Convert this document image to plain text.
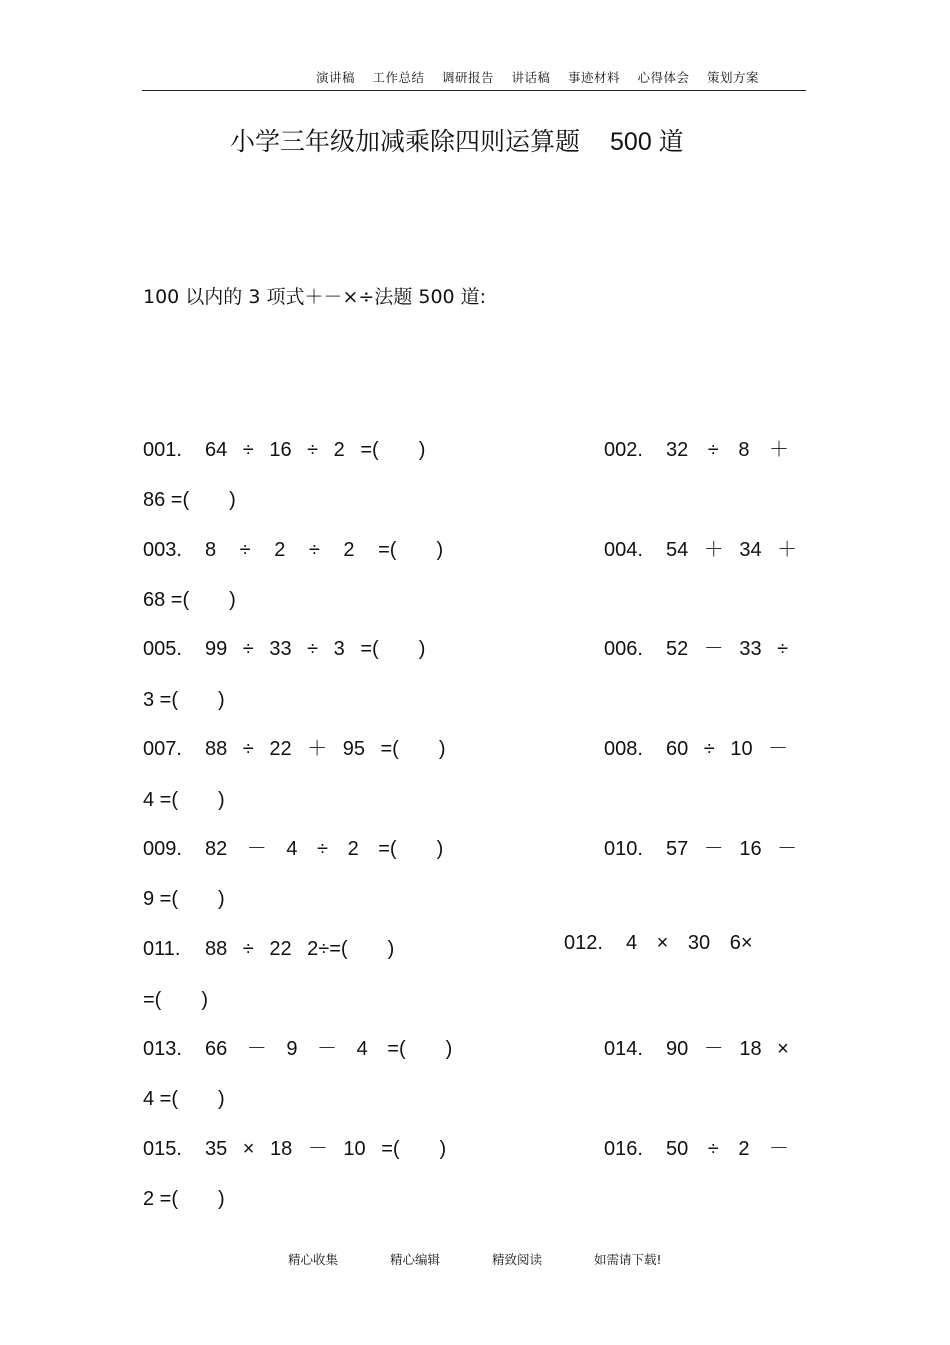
演讲稿 工作总结 调研报告 讲话稿 事迹材料 心得体会 策划方案
小学三年级加减乘除四则运算题 500 道
100 以内的 3 项式＋－×÷法题 500 道:
001. 64 ÷ 16 ÷ 2 =(　　)	002. 32 ÷ 8 ＋
86 =(　　)
003. 8 ÷ 2 ÷ 2 =(　　)	004. 54 ＋ 34 ＋
68 =(　　)
005. 99 ÷ 33 ÷ 3 =(　　)	006. 52 － 33 ÷
3 =(　　)
007. 88 ÷ 22 ＋ 95 =(　　)	008. 60 ÷ 10 －
4 =(　　)
009. 82 － 4 ÷ 2 =(　　)	010. 57 － 16 －
9 =(　　)
011. 88 ÷ 22 2÷=(　　)	012. 4 × 30 6×
=(　　)
013. 66 － 9 － 4 =(　　)	014. 90 － 18 ×
4 =(　　)
015. 35 × 18 － 10 =(　　)	016. 50 ÷ 2 －
2 =(　　)
精心收集	精心编辑	精致阅读	如需请下载!
